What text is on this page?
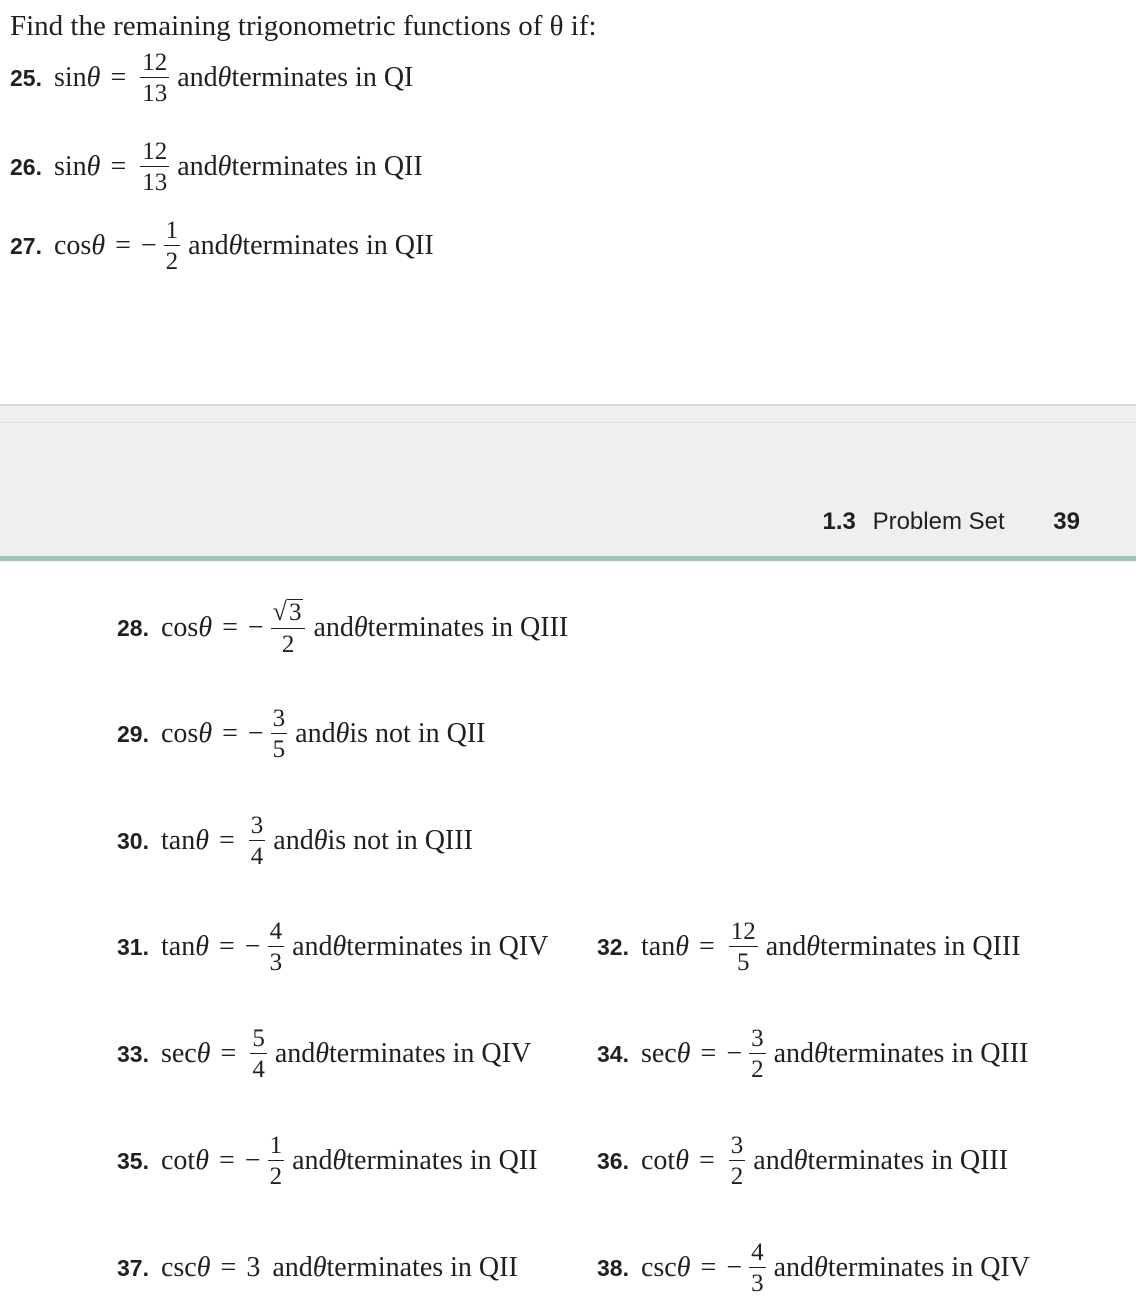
Find the remaining trigonometric functions of θ if:
1.3 Problem Set 39
25. $\sin \theta = \frac{12}{13}$ and θ terminates in QI
26. $\sin \theta = \frac{12}{13}$ and θ terminates in QII
27. cos θ = − $\frac{1}{2}$ and θ terminates in QII
28. cos θ = − $\frac{√ 3}{2}$ and θ terminates in QIII
29. cos θ = − $\frac{3}{5}$ and θ is not in QII
30. $\tan \theta = \frac{3}{4}$ and θ is not in QIII
31. tan θ = − $\frac{4}{3}$ and θ terminates in QIV 32. $\tan \theta = \frac{12}{5}$ and θ terminates in QIII
33. $\sec \theta = \frac{5}{4}$ and θ terminates in QIV	34. sec θ = − $\frac{3}{2}$ and θ terminates in QIII
35. cot θ = − $\frac{1}{2}$ and θ terminates in QII	36. $\cot \theta = \frac{3}{2}$ and θ terminates in QIII
37. csc θ = 3 and θ terminates in QII	38. csc θ = − $\frac{4}{3}$ and θ terminates in QIV
